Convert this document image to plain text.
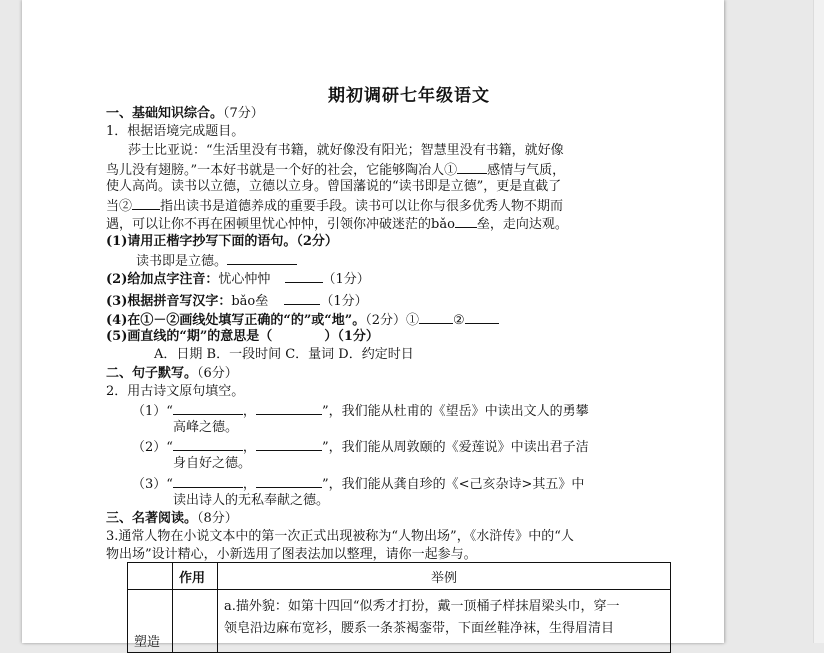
期初调研七年级语文
一、基础知识综合。（7分）
1．根据语境完成题目。
莎士比亚说：“生活里没有书籍，就好像没有阳光；智慧里没有书籍，就好像
鸟儿没有翅膀。”一本好书就是一个好的社会，它能够陶冶人① 感情与气质，
使人高尚。读书以立德，立德以立身。曾国藩说的“读书即是立德”，更是直截了
当② 指出读书是道德养成的重要手段。读书可以让你与很多优秀人物不期而
遇，可以让你不再在困顿里忧心忡忡，引领你冲破迷茫的bǎo 垒，走向达观。
(1)请用正楷字抄写下面的语句。（2分）
读书即是立德。
(2)给加点字注音：忧心忡忡	（1分）
(3)根据拼音写汉字：bǎo垒	（1分）
(4)在①－②画线处填写正确的“的”或“地”。（2分）①	②
(5)画直线的“期”的意思是（	）（1分）
A．日期 B．一段时间 C．量词 D．约定时日
二、句子默写。（6分）
2．用古诗文原句填空。
（1）“	，	”，我们能从杜甫的《望岳》中读出文人的勇攀
高峰之德。
（2）“	，	”，我们能从周敦颐的《爱莲说》中读出君子洁
身自好之德。
（3）“	，	”，我们能从龚自珍的《<己亥杂诗>其五》中
读出诗人的无私奉献之德。
三、名著阅读。（8分）
3.通常人物在小说文本中的第一次正式出现被称为“人物出场”，《水浒传》中的“人
物出场”设计精心，小新选用了图表法加以整理，请你一起参与。
	作用	举例
塑造		a.描外貌：如第十四回“似秀才打扮，戴一顶桶子样抹眉梁头巾，穿一
领皂沿边麻布宽衫，腰系一条茶褐銮带，下面丝鞋净袜，生得眉清目
